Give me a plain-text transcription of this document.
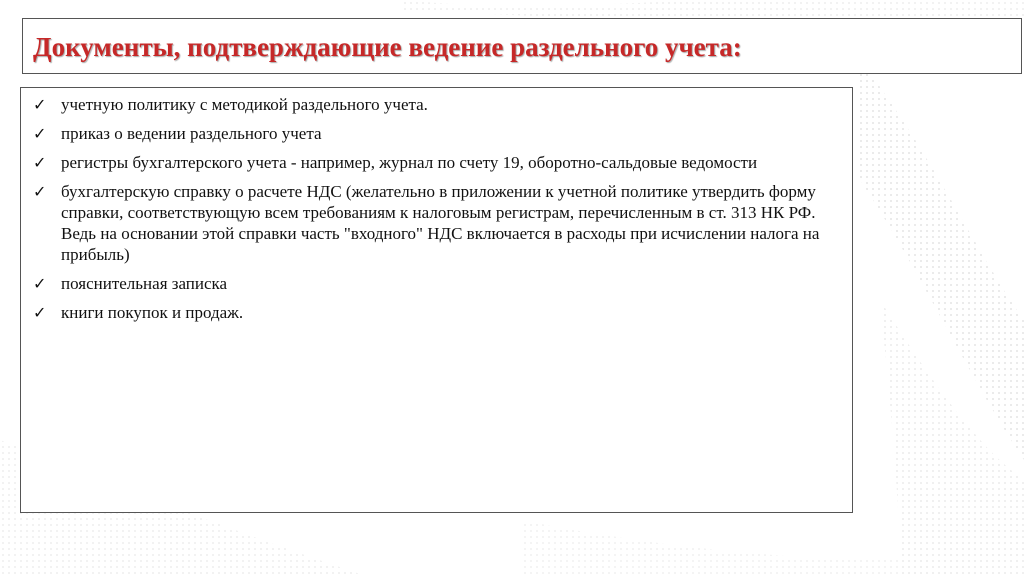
Документы, подтверждающие ведение раздельного учета:
✓ учетную политику с методикой раздельного учета.
✓ приказ о ведении раздельного учета
✓ регистры бухгалтерского учета - например, журнал по счету 19, оборотно-сальдовые ведомости
✓ бухгалтерскую справку о расчете НДС (желательно в приложении к учетной политике утвердить форму справки, соответствующую всем требованиям к налоговым регистрам, перечисленным в ст. 313 НК РФ. Ведь на основании этой справки часть "входного" НДС включается в расходы при исчислении налога на прибыль)
✓ пояснительная записка
✓ книги покупок и продаж.
